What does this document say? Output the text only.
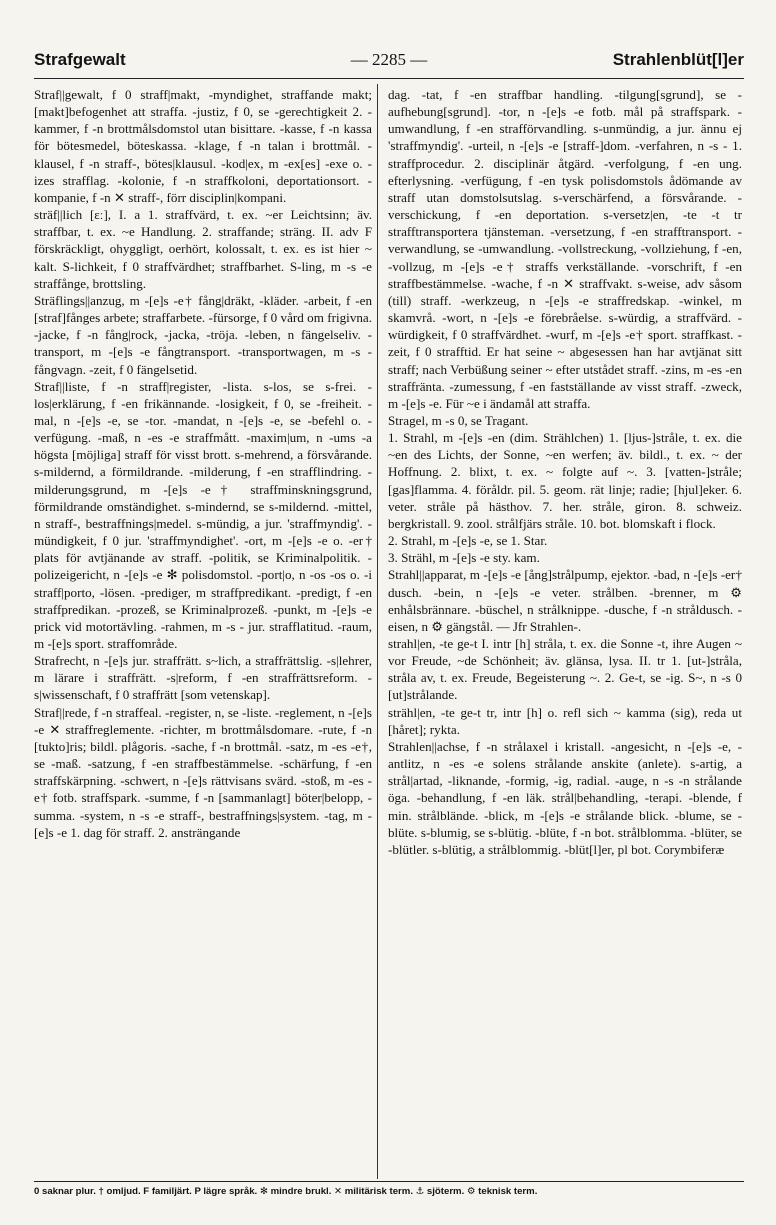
Strafgewalt	— 2285 —	Strahlenblüt[l]er

Straf||gewalt, f 0 straff|makt, -myndighet, straffande makt; [makt]befogenhet att straffa. -justiz, f 0, se -gerechtigkeit 2. -kammer, f -n brottmålsdomstol utan bisittare. -kasse, f -n kassa för bötesmedel, böteskassa. -klage, f -n talan i brottmål. -klausel, f -n straff-, bötes|klausul. -kod|ex, m -ex[es] -exe o. -izes strafflag. -kolonie, f -n straffkoloni, deportationsort. -kompanie, f -n ✕ straff-, förr disciplin|kompani.

sträf||lich [ɛː], I. a 1. straffvärd, t. ex. ~er Leichtsinn; äv. straffbar, t. ex. ~e Handlung. 2. straffande; sträng. II. adv F förskräckligt, ohyggligt, oerhört, kolossalt, t. ex. es ist hier ~ kalt. S-lichkeit, f 0 straffvärdhet; straffbarhet. S-ling, m -s -e straffånge, brottsling.

Sträflings||anzug, m -[e]s -e† fång|dräkt, -kläder. -arbeit, f -en [straf]fånges arbete; straffarbete. -fürsorge, f 0 vård om frigivna. -jacke, f -n fång|rock, -jacka, -tröja. -leben, n fängelseliv. -transport, m -[e]s -e fångtransport. -transportwagen, m -s - fångvagn. -zeit, f 0 fängelsetid.

Straf||liste, f -n straff|register, -lista. s-los, se s-frei. -los|erklärung, f -en frikännande. -losigkeit, f 0, se -freiheit. -mal, n -[e]s -e, se -tor. -mandat, n -[e]s -e, se -befehl o. -verfügung. -maß, n -es -e straffmått. -maxim|um, n -ums -a högsta [möjliga] straff för visst brott. s-mehrend, a försvårande. s-mildernd, a förmildrande. -milderung, f -en strafflindring. -milderungsgrund, m -[e]s -e† straffminskningsgrund, förmildrande omständighet. s-mindernd, se s-mildernd. -mittel, n straff-, bestraffnings|medel. s-mündig, a jur. 'straffmyndig'. -mündigkeit, f 0 jur. 'straffmyndighet'. -ort, m -[e]s -e o. -er† plats för avtjänande av straff. -politik, se Kriminalpolitik. -polizeigericht, n -[e]s -e ✻ polisdomstol. -port|o, n -os -os o. -i straff|porto, -lösen. -prediger, m straffpredikant. -predigt, f -en straffpredikan. -prozeß, se Kriminalprozeß. -punkt, m -[e]s -e prick vid motortävling. -rahmen, m -s - jur. strafflatitud. -raum, m -[e]s sport. straffområde.

Strafrecht, n -[e]s jur. straffrätt. s~lich, a straffrättslig. -s|lehrer, m lärare i straffrätt. -s|reform, f -en straffrättsreform. -s|wissenschaft, f 0 straffrätt [som vetenskap].

Straf||rede, f -n straffeal. -register, n, se -liste. -reglement, n -[e]s -e ✕ straffreglemente. -richter, m brottmålsdomare. -rute, f -n [tukto]ris; bildl. plågoris. -sache, f -n brottmål. -satz, m -es -e†, se -maß. -satzung, f -en straffbestämmelse. -schärfung, f -en straffskärpning. -schwert, n -[e]s rättvisans svärd. -stoß, m -es -e† fotb. straffspark. -summe, f -n [sammanlagt] böter|belopp, -summa. -system, n -s -e straff-, bestraffnings|system. -tag, m -[e]s -e 1. dag för straff. 2. ansträngande

dag. -tat, f -en straffbar handling. -tilgung[sgrund], se -aufhebung[sgrund]. -tor, n -[e]s -e fotb. mål på straffspark. -umwandlung, f -en strafförvandling. s-unmündig, a jur. ännu ej 'straffmyndig'. -urteil, n -[e]s -e [straff-]dom. -verfahren, n -s - 1. straffprocedur. 2. disciplinär åtgärd. -verfolgung, f -en ung. efterlysning. -verfügung, f -en tysk polisdomstols ådömande av straff utan domstolsutslag. s-verschärfend, a försvårande. -verschickung, f -en deportation. s-versetz|en, -te -t tr strafftransportera tjänsteman. -versetzung, f -en strafftransport. -verwandlung, se -umwandlung. -vollstreckung, -vollziehung, f -en, -vollzug, m -[e]s -e† straffs verkställande. -vorschrift, f -en straffbestämmelse. -wache, f -n ✕ straffvakt. s-weise, adv såsom (till) straff. -werkzeug, n -[e]s -e straffredskap. -winkel, m skamvrå. -wort, n -[e]s -e förebråelse. s-würdig, a straffvärd. -würdigkeit, f 0 straffvärdhet. -wurf, m -[e]s -e† sport. straffkast. -zeit, f 0 strafftid. Er hat seine ~ abgesessen han har avtjänat sitt straff; nach Verbüßung seiner ~ efter utstådet straff. -zins, m -es -en straffränta. -zumessung, f -en fastställande av visst straff. -zweck, m -[e]s -e. Für ~e i ändamål att straffa.

Stragel, m -s 0, se Tragant.

1. Strahl, m -[e]s -en (dim. Strählchen) 1. [ljus-]stråle, t. ex. die ~en des Lichts, der Sonne, ~en werfen; äv. bildl., t. ex. ~ der Hoffnung. 2. blixt, t. ex. ~ folgte auf ~. 3. [vatten-]stråle; [gas]flamma. 4. föråldr. pil. 5. geom. rät linje; radie; [hjul]eker. 6. veter. stråle på hästhov. 7. her. stråle, giron. 8. schweiz. bergkristall. 9. zool. strålfjärs stråle. 10. bot. blomskaft i flock.

2. Strahl, m -[e]s -e, se 1. Star.

3. Strähl, m -[e]s -e sty. kam.

Strahl||apparat, m -[e]s -e [ång]strålpump, ejektor. -bad, n -[e]s -er† dusch. -bein, n -[e]s -e veter. strålben. -brenner, m ⚙ enhålsbrännare. -büschel, n strålknippe. -dusche, f -n stråldusch. -eisen, n ⚙ gängstål. — Jfr Strahlen-.

strahl|en, -te ge-t I. intr [h] stråla, t. ex. die Sonne -t, ihre Augen ~ vor Freude, ~de Schönheit; äv. glänsa, lysa. II. tr 1. [ut-]stråla, stråla av, t. ex. Freude, Begeisterung ~. 2. Ge-t, se -ig. S~, n -s 0 [ut]strålande.

strähl|en, -te ge-t tr, intr [h] o. refl sich ~ kamma (sig), reda ut [håret]; rykta.

Strahlen||achse, f -n strålaxel i kristall. -angesicht, n -[e]s -e, -antlitz, n -es -e solens strålande anskite (anlete). s-artig, a strål|artad, -liknande, -formig, -ig, radial. -auge, n -s -n strålande öga. -behandlung, f -en läk. strål|behandling, -terapi. -blende, f min. strålblände. -blick, m -[e]s -e strålande blick. -blume, se -blüte. s-blumig, se s-blütig. -blüte, f -n bot. strålblomma. -blüter, se -blütler. s-blütig, a strålblommig. -blüt[l]er, pl bot. Corymbiferæ

0 saknar plur. † omljud. F familjärt. P lägre språk. ✻ mindre brukl. ✕ militärisk term. ⚓ sjöterm. ⚙ teknisk term.
